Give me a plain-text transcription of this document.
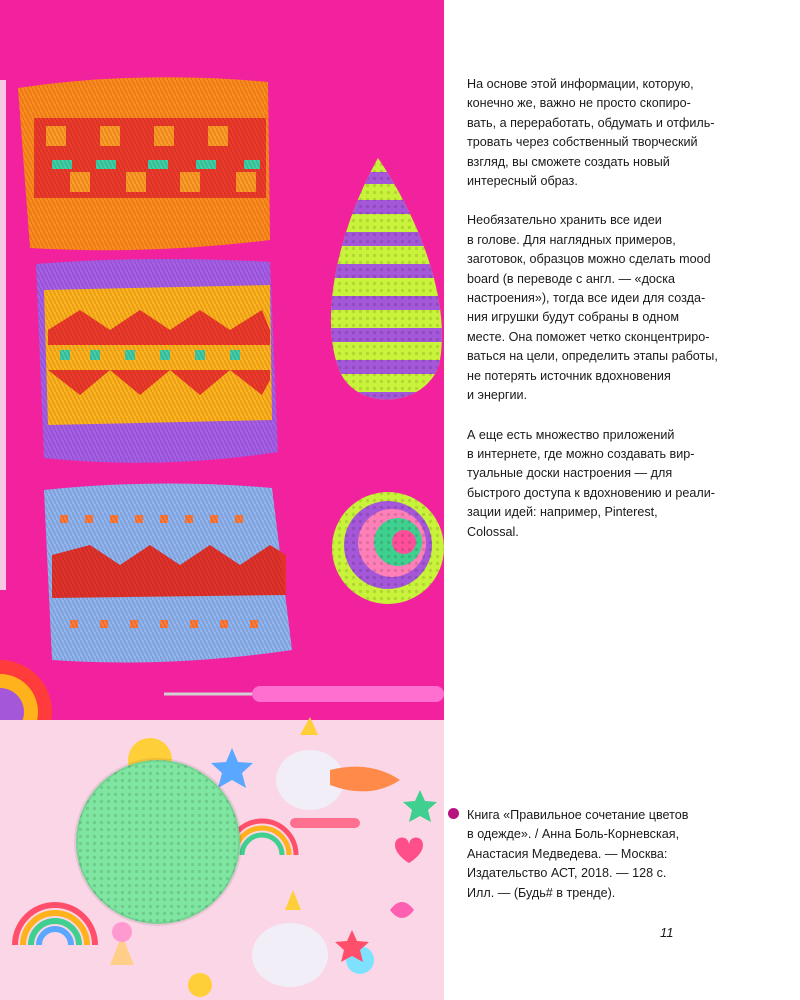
На основе этой информации, которую,
конечно же, важно не просто скопиро-
вать, а переработать, обдумать и отфиль-
тровать через собственный творческий
взгляд, вы сможете создать новый
интересный образ.

Необязательно хранить все идеи
в голове. Для наглядных примеров,
заготовок, образцов можно сделать mood
board (в переводе с англ. — «доска
настроения»), тогда все идеи для созда-
ния игрушки будут собраны в одном
месте. Она поможет четко сконцентриро-
ваться на цели, определить этапы работы,
не потерять источник вдохновения
и энергии.

А еще есть множество приложений
в интернете, где можно создавать вир-
туальные доски настроения — для
быстрого доступа к вдохновению и реали-
зации идей: например, Pinterest,
Colossal.

Книга «Правильное сочетание цветов
в одежде». / Анна Боль-Корневская,
Анастасия Медведева. — Москва:
Издательство АСТ, 2018. — 128 с.
Илл. — (Будь# в тренде).

11
